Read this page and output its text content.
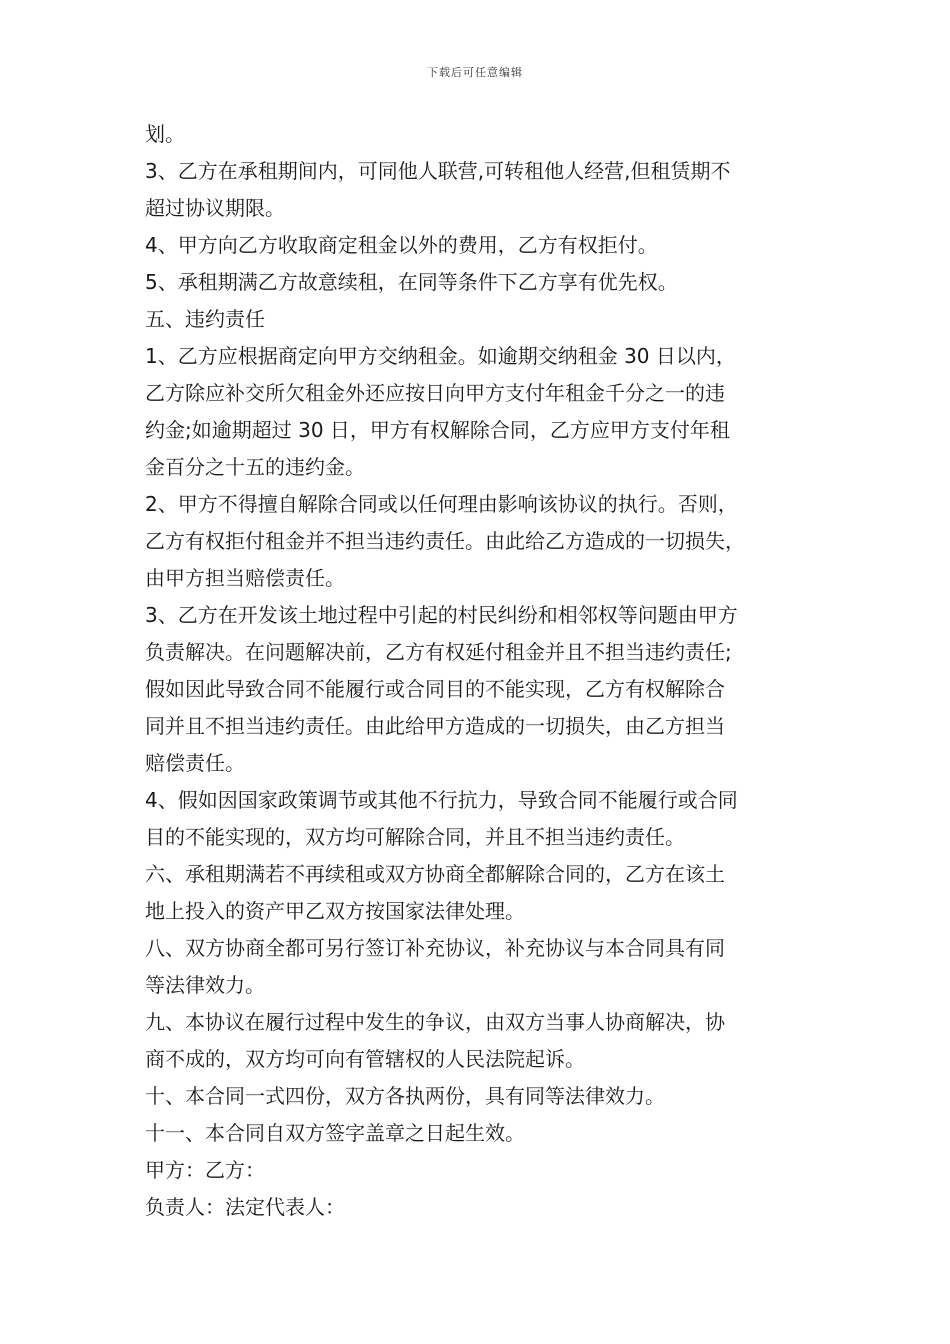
下载后可任意编辑
划。
3、乙方在承租期间内，可同他人联营,可转租他人经营,但租赁期不
超过协议期限。
4、甲方向乙方收取商定租金以外的费用，乙方有权拒付。
5、承租期满乙方故意续租，在同等条件下乙方享有优先权。
五、违约责任
1、乙方应根据商定向甲方交纳租金。如逾期交纳租金 30 日以内，
乙方除应补交所欠租金外还应按日向甲方支付年租金千分之一的违
约金;如逾期超过 30 日，甲方有权解除合同，乙方应甲方支付年租
金百分之十五的违约金。
2、甲方不得擅自解除合同或以任何理由影响该协议的执行。否则，
乙方有权拒付租金并不担当违约责任。由此给乙方造成的一切损失，
由甲方担当赔偿责任。
3、乙方在开发该土地过程中引起的村民纠纷和相邻权等问题由甲方
负责解决。在问题解决前，乙方有权延付租金并且不担当违约责任;
假如因此导致合同不能履行或合同目的不能实现，乙方有权解除合
同并且不担当违约责任。由此给甲方造成的一切损失，由乙方担当
赔偿责任。
4、假如因国家政策调节或其他不行抗力，导致合同不能履行或合同
目的不能实现的，双方均可解除合同，并且不担当违约责任。
六、承租期满若不再续租或双方协商全都解除合同的，乙方在该土
地上投入的资产甲乙双方按国家法律处理。
八、双方协商全都可另行签订补充协议，补充协议与本合同具有同
等法律效力。
九、本协议在履行过程中发生的争议，由双方当事人协商解决，协
商不成的，双方均可向有管辖权的人民法院起诉。
十、本合同一式四份，双方各执两份，具有同等法律效力。
十一、本合同自双方签字盖章之日起生效。
甲方：乙方：
负责人：法定代表人：
